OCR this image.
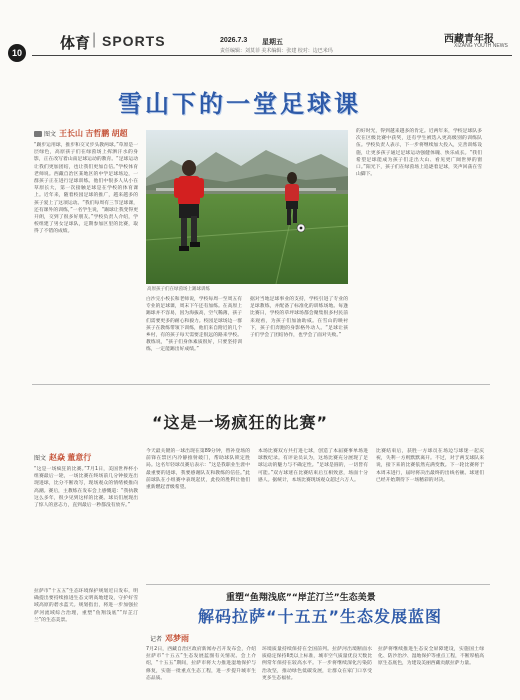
10
体育 | SPORTS	2026.7.3 星期五
责任编辑：刘莫菲 美术编辑：张建 校对：边巴米玛
西藏青年报
XIZANG YOUTH NEWS
雪山下的一堂足球课
图文 王长山 吉哲鹏 胡超
高原孩子们在绿茵场上踢球训练
“踢步运用球，推步和交叉步头教两球。”草原是一层绿色，高原孩子们在绿茵场上挥洒汗水的身影，正在改写着山南足球运动的教育。“足球运动让我们更加团结，也让我们更加自信。”学校体育老师说。西藏自治区某地区的中学足球场边，一群孩子正在进行足球训练。他们中很多人从小在草原长大，第一次接触足球是在学校的体育课上。近年来，随着校园足球的推广，越来越多的孩子爱上了这项运动。“我们每周有三节足球课，还有课外的训练，”一名学生说，“踢球让我变得更开朗，交到了很多好朋友。”学校负责人介绍，学校组建了男女足球队，定期参加区里的比赛，取得了不错的成绩。
白沙完小校长和老师说，学校每周一至周五有专业的足球课，周末下午还有加练。在高原上踢球并不容易，因为海拔高，空气稀薄，孩子们需要更多的耐心和毅力。校园足球场边一群孩子在教练带领下训练，他们来自附近的几个乡村，有的孩子每天需要走很远的路来学校。教练说，“孩子们身体素质很好，只要坚持训练，一定能踢出好成绩。”
据对当地足球事业的支持，学校引进了专业的足球教练，并配备了标准化的训练场地。每逢比赛日，学校的草坪球场都会聚集很多村民前来观看，为孩子们加油助威。在雪山的映衬下，孩子们奔跑的身影格外动人。“足球让孩子们学会了团结协作，也学会了面对失败。”
的好时光，得到越来越多的肯定。近两年来，学校足球队多次在区级比赛中获奖，还有学生被选入更高级别的训练队伍。学校负责人表示，下一步将继续加大投入，完善训练设施，让更多孩子通过足球运动强健体魄、快乐成长。“我们希望足球能成为孩子们走出大山、看见更广阔世界的窗口。”阳光下，孩子们在绿茵场上追逐着足球，笑声回荡在雪山脚下。
“这是一场疯狂的比赛”
图文 赵焱 董意行
“这是一场疯狂的比赛。”7月1日，美国世界杯小组赛最后一轮，一场比赛在终场前几分钟接连出现进球，比分不断改写，现场观众的情绪被推向高潮。赛后，主教练在发布会上感慨道：“我执教这么多年，很少见到这样的比赛。球员们展现出了惊人的意志力，直到最后一秒都没有放弃。”
今天最关键的一球出现在第89分钟，替补登场的前锋在禁区内冷静推射破门，帮助球队锁定胜局。这名年轻球员赛后表示：“这是我职业生涯中最重要的进球，我要感谢队友和教练的信任。”此前球队在小组赛中表现起伏，此役的胜利让他们重新燃起晋级希望。
本场比赛双方共打进七球，创造了本届赛事单场进球数纪录。有评论员认为，这场比赛充分展现了足球运动的魅力与不确定性。“足球是圆的，一切皆有可能。”双方球迷在比赛结束后互相致意，场面十分感人。据统计，本场比赛现场观众超过六万人。
比赛结束后，获胜一方球员在场边与球迷一起庆祝，失利一方则默默离开。不过，对于两支球队来说，接下来的比赛依然充满变数。下一轮比赛将于本周末进行，届时将决出最终的出线名额。球迷们已经开始期待下一场精彩的对决。
重塑“鱼翔浅底”“岸芷汀兰”生态美景
解码拉萨“十五五”生态发展蓝图
记者 邓梦雨
拉萨市“十五五”生态环境保护规划近日发布，明确提出要持续推进生态文明高地建设，守护好雪域高原的碧水蓝天。规划指出，将进一步加强拉萨河流域综合治理，重塑“鱼翔浅底”“岸芷汀兰”的生态美景。
7月2日，西藏自治区政府新闻办召开发布会，介绍拉萨市“十五五”生态发展蓝图有关情况。会上介绍，“十五五”期间，拉萨市将大力推进湿地保护与修复，实施一批重点生态工程，进一步提升城市生态品质。
环境质量持续保持在全国前列。拉萨河出境断面水质稳定保持Ⅱ类以上标准，城市空气质量优良天数比例常年保持在较高水平。下一步将继续深化污染防治攻坚，推动绿色低碳发展，让群众在家门口享受更多生态福祉。
拉萨将继续推进生态安全屏障建设，实施国土绿化、防沙治沙、湿地保护等重点工程，不断厚植高原生态底色，为建设美丽西藏贡献拉萨力量。
